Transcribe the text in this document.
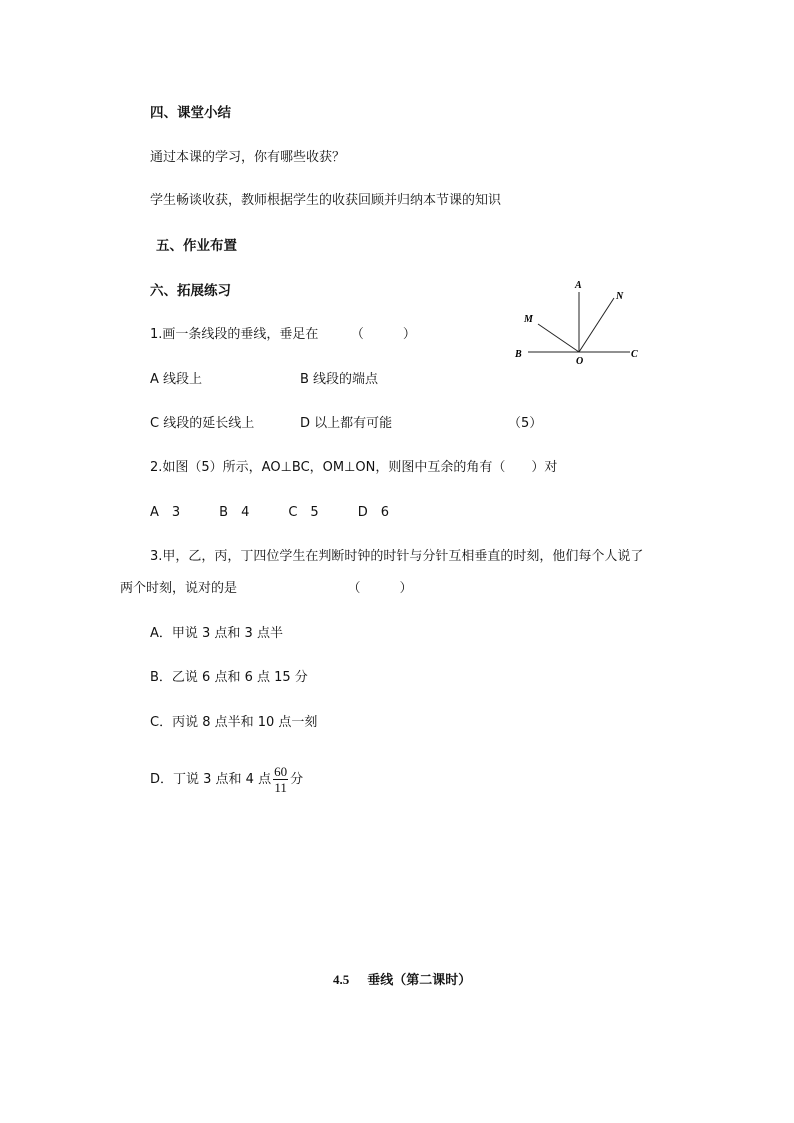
四、课堂小结
通过本课的学习，你有哪些收获？
学生畅谈收获，教师根据学生的收获回顾并归纳本节课的知识
五、作业布置
六、拓展练习
1.画一条线段的垂线，垂足在　　　（　　　）
A 线段上	B 线段的端点
C 线段的延长线上	D 以上都有可能	（5）
A
N
M
B
O
C
2.如图（5）所示，AO⊥BC，OM⊥ON，则图中互余的角有（　　）对
A　3　　　B　4　　　C　5　　　D　6
3.甲，乙，丙，丁四位学生在判断时钟的时针与分针互相垂直的时刻，他们每个人说了
两个时刻，说对的是　　　　　　　　　（　　　）
A．甲说 3 点和 3 点半
B．乙说 6 点和 6 点 15 分
C．丙说 8 点半和 10 点一刻
D．丁说 3 点和 4 点 $\frac{60}{11}$ 分
4.5 垂线（第二课时）
